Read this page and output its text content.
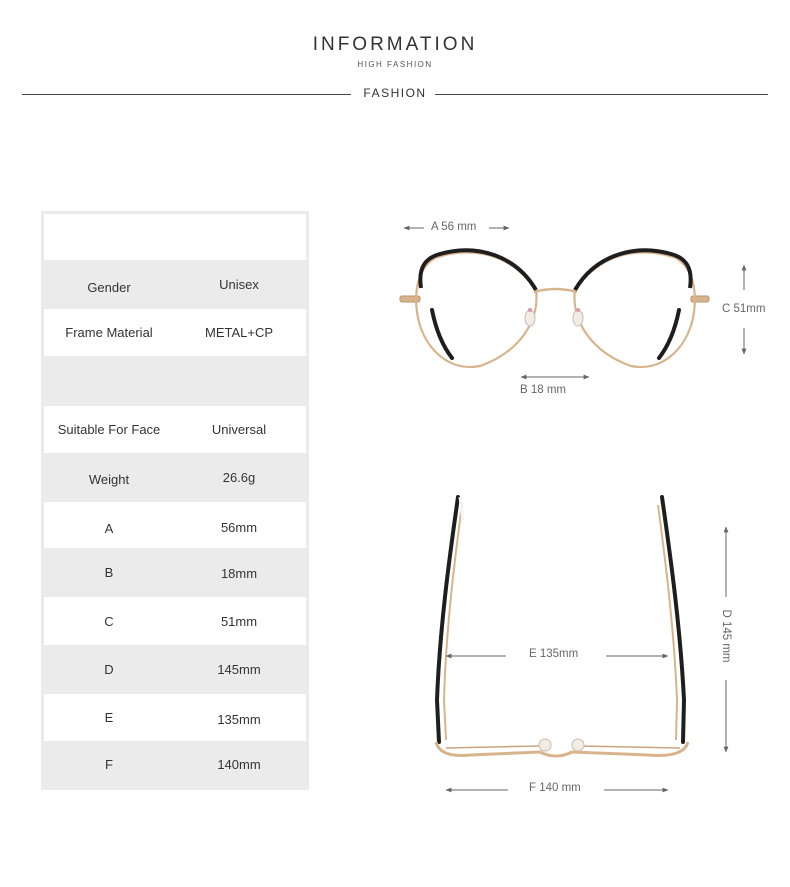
INFORMATION
HIGH FASHION
FASHION
Gender	Unisex
Frame Material	METAL+CP
Suitable For Face	Universal
Weight	26.6g
A	56mm
B	18mm
C	51mm
D	145mm
E	135mm
F	140mm
A 56 mm
B 18 mm
C 51mm
E 135mm
F 140 mm
D 145 mm
